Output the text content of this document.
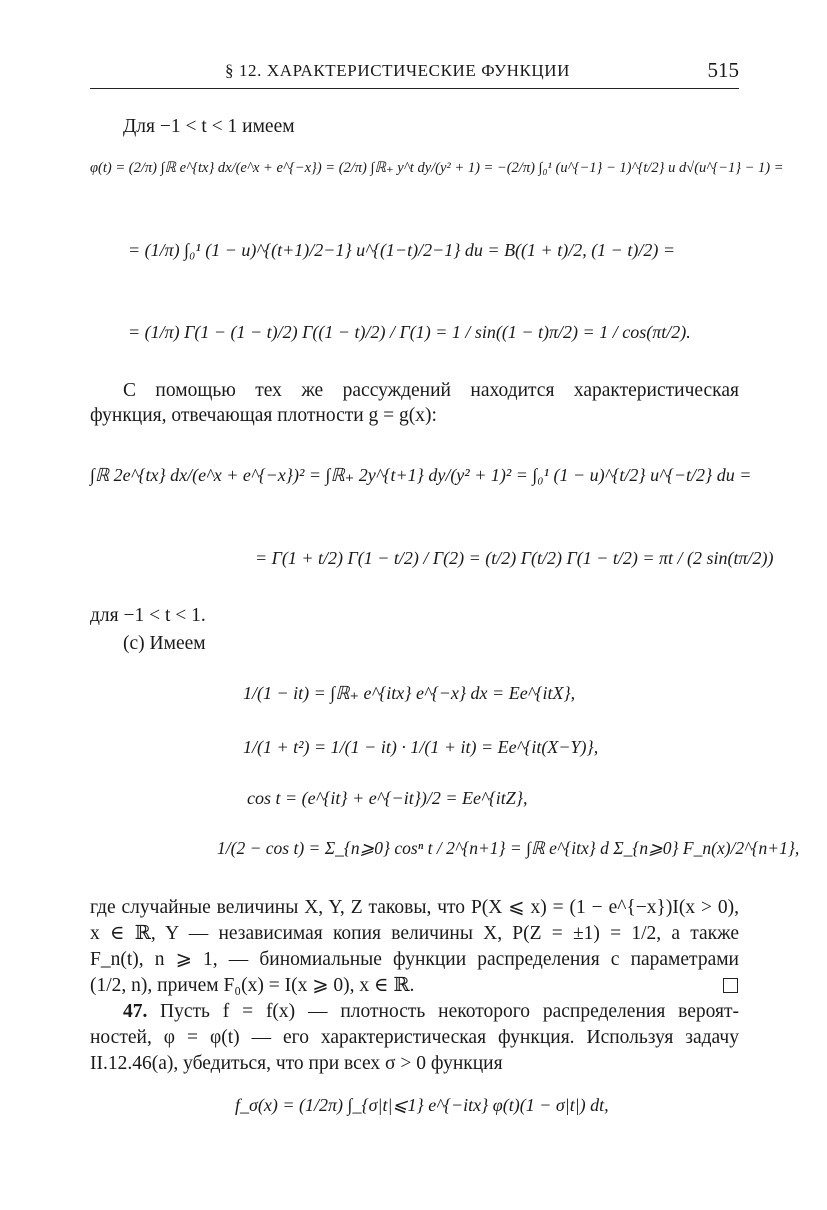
§ 12. ХАРАКТЕРИСТИЧЕСКИЕ ФУНКЦИИ	515
Для −1 < t < 1 имеем
φ(t) = (2/π) ∫ℝ e^{tx} dx/(e^x + e^{−x}) = (2/π) ∫ℝ₊ y^t dy/(y² + 1) = −(2/π) ∫₀¹ (u^{−1} − 1)^{t/2} u d√(u^{−1} − 1) =
= (1/π) ∫₀¹ (1 − u)^{(t+1)/2−1} u^{(1−t)/2−1} du = B((1 + t)/2, (1 − t)/2) =
= (1/π) Γ(1 − (1 − t)/2) Γ((1 − t)/2) / Γ(1) = 1 / sin((1 − t)π/2) = 1 / cos(πt/2).
С помощью тех же рассуждений находится характеристическая
функция, отвечающая плотности g = g(x):
∫ℝ 2e^{tx} dx/(e^x + e^{−x})² = ∫ℝ₊ 2y^{t+1} dy/(y² + 1)² = ∫₀¹ (1 − u)^{t/2} u^{−t/2} du =
= Γ(1 + t/2) Γ(1 − t/2) / Γ(2) = (t/2) Γ(t/2) Γ(1 − t/2) = πt / (2 sin(tπ/2))
для −1 < t < 1.
(c) Имеем
1/(1 − it) = ∫ℝ₊ e^{itx} e^{−x} dx = Ee^{itX},
1/(1 + t²) = 1/(1 − it) · 1/(1 + it) = Ee^{it(X−Y)},
cos t = (e^{it} + e^{−it})/2 = Ee^{itZ},
1/(2 − cos t) = Σ_{n⩾0} cosⁿ t / 2^{n+1} = ∫ℝ e^{itx} d Σ_{n⩾0} F_n(x)/2^{n+1},
где случайные величины X, Y, Z таковы, что P(X ⩽ x) = (1 − e^{−x})I(x > 0),
x ∈ ℝ, Y — независимая копия величины X, P(Z = ±1) = 1/2, а также
F_n(t), n ⩾ 1, — биномиальные функции распределения с параметрами
(1/2, n), причем F₀(x) = I(x ⩾ 0), x ∈ ℝ.
47. Пусть f = f(x) — плотность некоторого распределения вероят-
ностей, φ = φ(t) — его характеристическая функция. Используя задачу
II.12.46(a), убедиться, что при всех σ > 0 функция
f_σ(x) = (1/2π) ∫_{σ|t|⩽1} e^{−itx} φ(t)(1 − σ|t|) dt,
